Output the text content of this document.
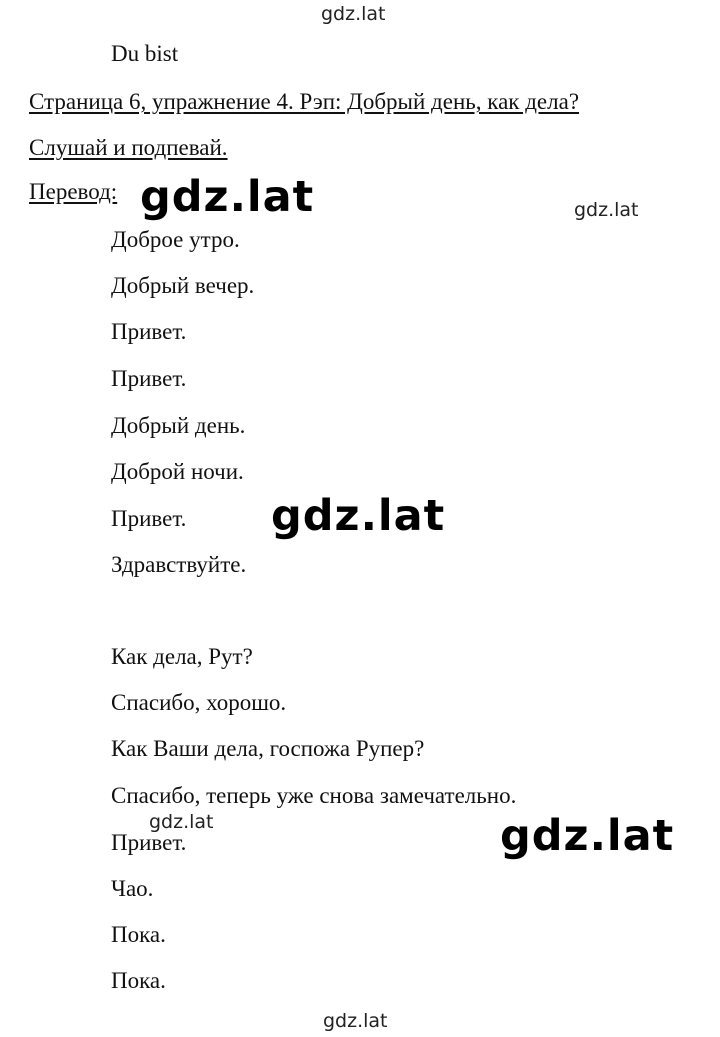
gdz.lat
gdz.lat	gdz.lat
gdz.lat
gdz.lat	gdz.lat
gdz.lat
Du bist
Страница 6, упражнение 4. Рэп: Добрый день, как дела?
Слушай и подпевай.
Перевод:
Доброе утро.
Добрый вечер.
Привет.
Привет.
Добрый день.
Доброй ночи.
Привет.
Здравствуйте.
Как дела, Рут?
Спасибо, хорошо.
Как Ваши дела, госпожа Рупер?
Спасибо, теперь уже снова замечательно.
Привет.
Чао.
Пока.
Пока.
